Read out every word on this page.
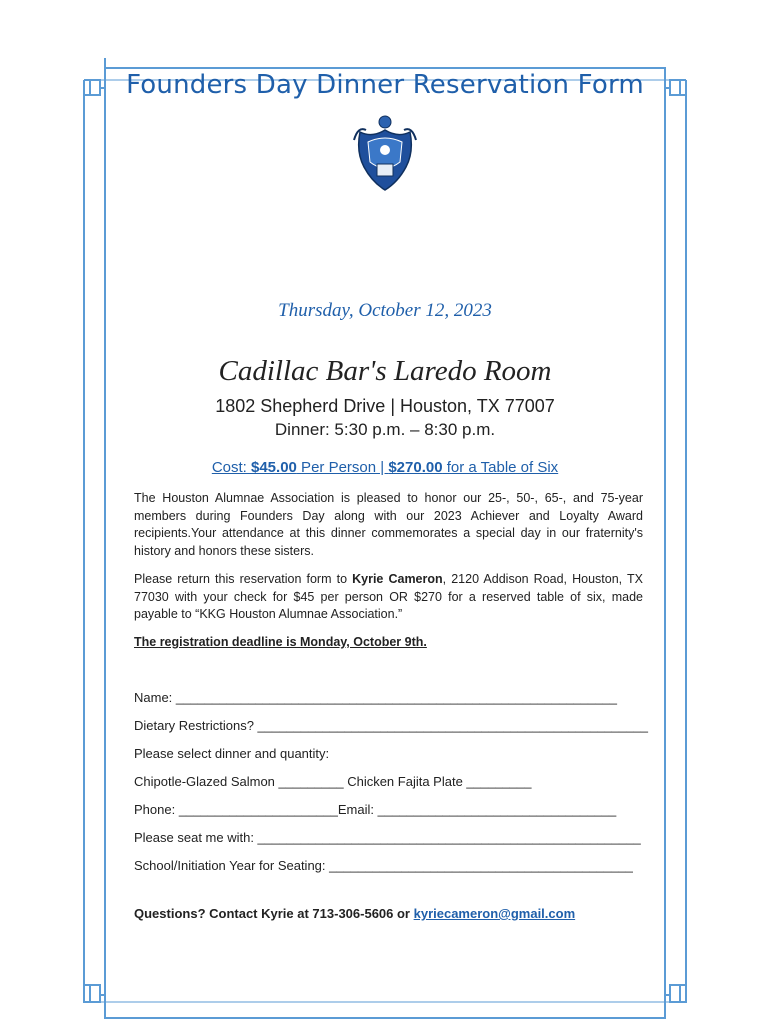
Founders Day Dinner Reservation Form
Thursday, October 12, 2023
Cadillac Bar's Laredo Room
1802 Shepherd Drive | Houston, TX 77007
Dinner: 5:30 p.m. – 8:30 p.m.
Cost: $45.00 Per Person | $270.00 for a Table of Six
The Houston Alumnae Association is pleased to honor our 25-, 50-, 65-, and 75-year members during Founders Day along with our 2023 Achiever and Loyalty Award recipients.Your attendance at this dinner commemorates a special day in our fraternity's history and honors these sisters.
Please return this reservation form to Kyrie Cameron, 2120 Addison Road, Houston, TX 77030 with your check for $45 per person OR $270 for a reserved table of six, made payable to “KKG Houston Alumnae Association.”
The registration deadline is Monday, October 9th.
Name: _____________________________________________________________
Dietary Restrictions? ______________________________________________________
Please select dinner and quantity:
Chipotle-Glazed Salmon _________ Chicken Fajita Plate _________
Phone: ______________________Email: _________________________________
Please seat me with: _____________________________________________________
School/Initiation Year for Seating: __________________________________________
Questions? Contact Kyrie at 713-306-5606 or kyriecameron@gmail.com
